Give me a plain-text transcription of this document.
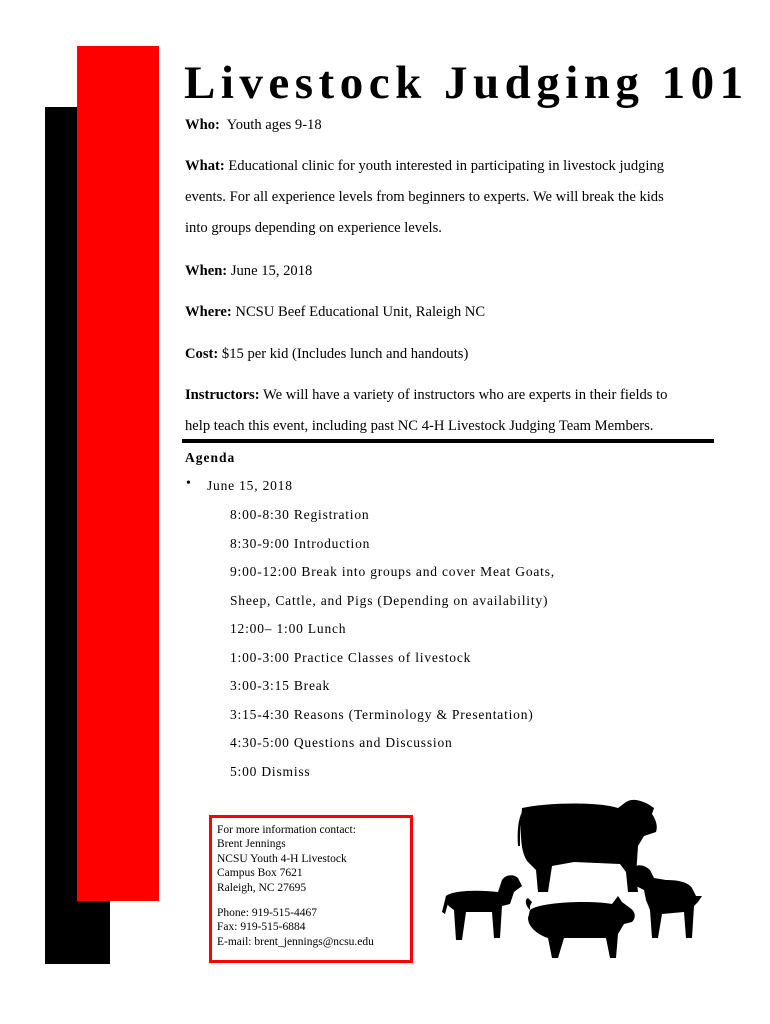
Livestock Judging 101
Who: Youth ages 9-18
What: Educational clinic for youth interested in participating in livestock judging
events. For all experience levels from beginners to experts. We will break the kids
into groups depending on experience levels.
When: June 15, 2018
Where: NCSU Beef Educational Unit, Raleigh NC
Cost: $15 per kid (Includes lunch and handouts)
Instructors: We will have a variety of instructors who are experts in their fields to
help teach this event, including past NC 4-H Livestock Judging Team Members.
Agenda
• June 15, 2018
8:00-8:30 Registration
8:30-9:00 Introduction
9:00-12:00 Break into groups and cover Meat Goats,
Sheep, Cattle, and Pigs (Depending on availability)
12:00– 1:00 Lunch
1:00-3:00 Practice Classes of livestock
3:00-3:15 Break
3:15-4:30 Reasons (Terminology & Presentation)
4:30-5:00 Questions and Discussion
5:00 Dismiss
For more information contact:
Brent Jennings
NCSU Youth 4-H Livestock
Campus Box 7621
Raleigh, NC 27695
Phone: 919-515-4467
Fax: 919-515-6884
E-mail: brent_jennings@ncsu.edu
